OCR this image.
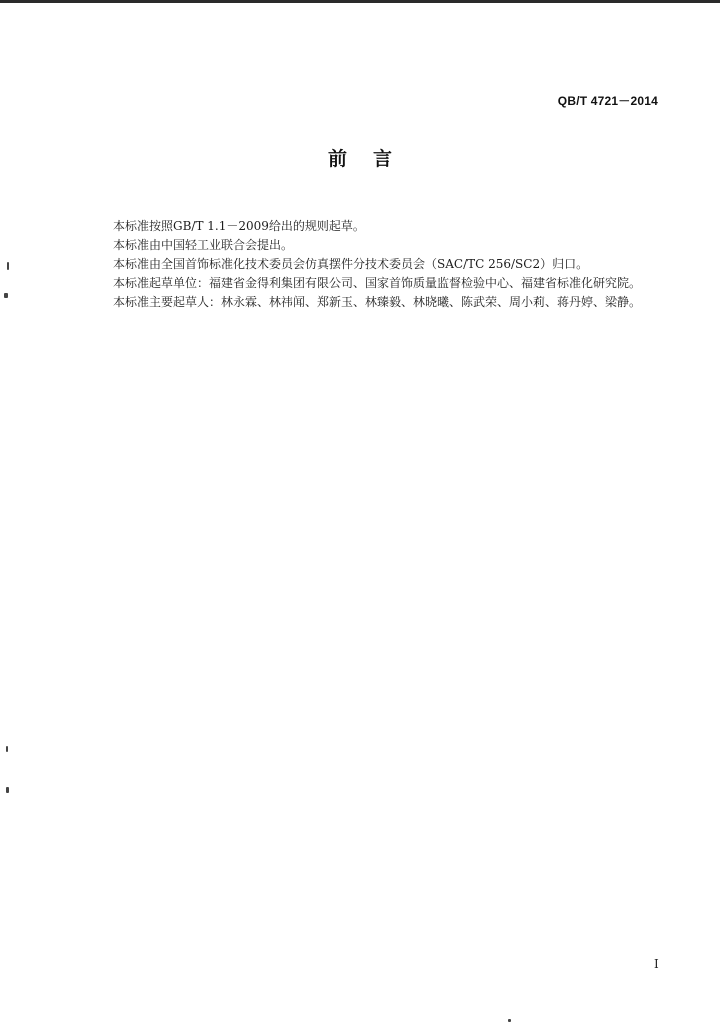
QB/T 4721－2014
前言
本标准按照GB/T 1.1－2009给出的规则起草。
本标准由中国轻工业联合会提出。
本标准由全国首饰标准化技术委员会仿真摆件分技术委员会（SAC/TC 256/SC2）归口。
本标准起草单位：福建省金得利集团有限公司、国家首饰质量监督检验中心、福建省标准化研究院。
本标准主要起草人：林永霖、林祎闻、郑新玉、林臻毅、林晓曦、陈武荣、周小莉、蒋丹婷、梁静。
I
